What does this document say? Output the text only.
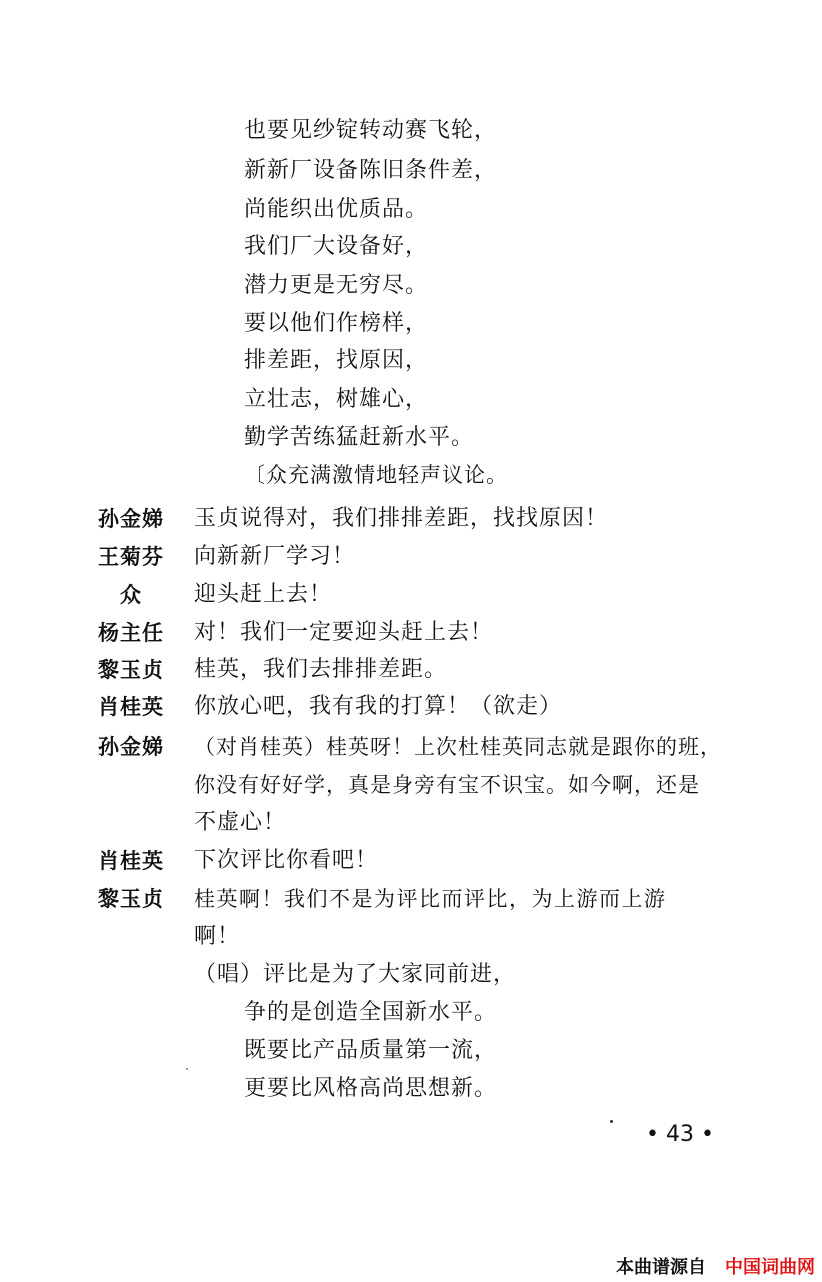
也要见纱锭转动赛飞轮，
新新厂设备陈旧条件差，
尚能织出优质品。
我们厂大设备好，
潜力更是无穷尽。
要以他们作榜样，
排差距，找原因，
立壮志，树雄心，
勤学苦练猛赶新水平。
〔众充满激情地轻声议论。
孙金娣 玉贞说得对，我们排排差距，找找原因！
王菊芬 向新新厂学习！
众 迎头赶上去！
杨主任 对！我们一定要迎头赶上去！
黎玉贞 桂英，我们去排排差距。
肖桂英 你放心吧，我有我的打算！（欲走）
孙金娣 （对肖桂英）桂英呀！上次杜桂英同志就是跟你的班，
你没有好好学，真是身旁有宝不识宝。如今啊，还是
不虚心！
肖桂英 下次评比你看吧！
黎玉贞 桂英啊！我们不是为评比而评比，为上游而上游
啊！
（唱）评比是为了大家同前进，
争的是创造全国新水平。
既要比产品质量第一流，
更要比风格高尚思想新。
• 43 •
本曲谱源自 中国词曲网
